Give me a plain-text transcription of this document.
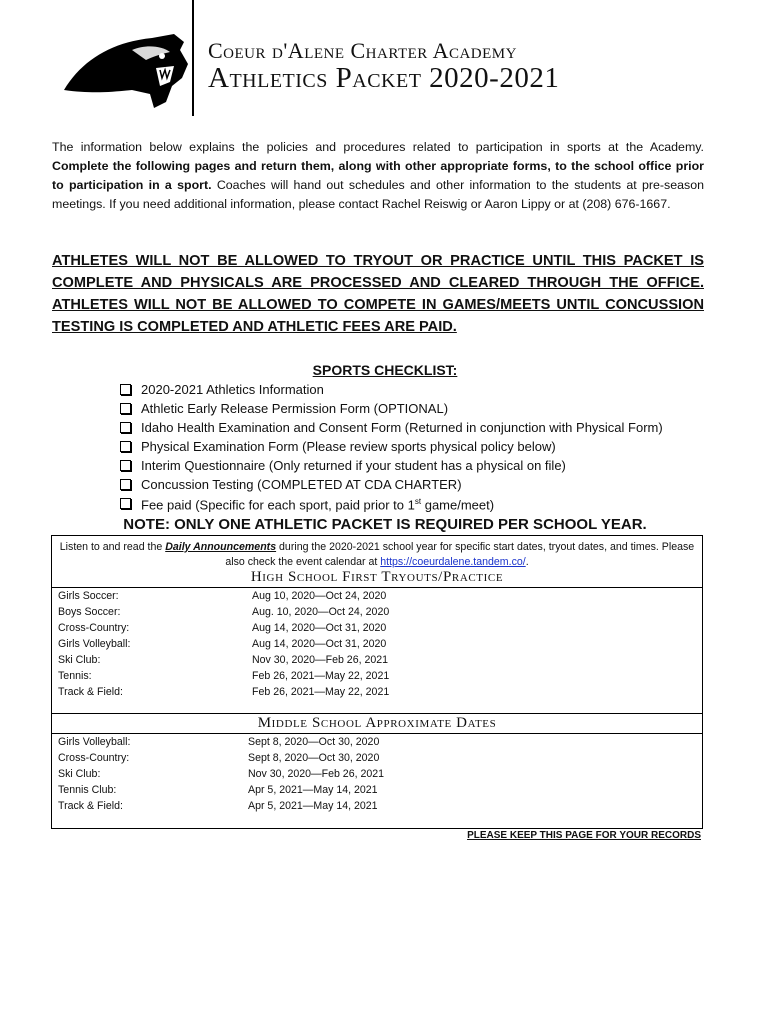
Coeur d'Alene Charter Academy
Athletics Packet 2020-2021
The information below explains the policies and procedures related to participation in sports at the Academy. Complete the following pages and return them, along with other appropriate forms, to the school office prior to participation in a sport. Coaches will hand out schedules and other information to the students at pre-season meetings. If you need additional information, please contact Rachel Reiswig or Aaron Lippy or at (208) 676-1667.
ATHLETES WILL NOT BE ALLOWED TO TRYOUT OR PRACTICE UNTIL THIS PACKET IS COMPLETE AND PHYSICALS ARE PROCESSED AND CLEARED THROUGH THE OFFICE. ATHLETES WILL NOT BE ALLOWED TO COMPETE IN GAMES/MEETS UNTIL CONCUSSION TESTING IS COMPLETED AND ATHLETIC FEES ARE PAID.
SPORTS CHECKLIST:
2020-2021 Athletics Information
Athletic Early Release Permission Form (OPTIONAL)
Idaho Health Examination and Consent Form (Returned in conjunction with Physical Form)
Physical Examination Form (Please review sports physical policy below)
Interim Questionnaire (Only returned if your student has a physical on file)
Concussion Testing (COMPLETED AT CDA CHARTER)
Fee paid (Specific for each sport, paid prior to 1st game/meet)
NOTE: ONLY ONE ATHLETIC PACKET IS REQUIRED PER SCHOOL YEAR.
Listen to and read the Daily Announcements during the 2020-2021 school year for specific start dates, tryout dates, and times. Please also check the event calendar at https://coeurdalene.tandem.co/.
High School First Tryouts/Practice
Girls Soccer:	Aug 10, 2020—Oct 24, 2020
Boys Soccer:	Aug. 10, 2020—Oct 24, 2020
Cross-Country:	Aug 14, 2020—Oct 31, 2020
Girls Volleyball:	Aug 14, 2020—Oct 31, 2020
Ski Club:	Nov 30, 2020—Feb 26, 2021
Tennis:	Feb 26, 2021—May 22, 2021
Track & Field:	Feb 26, 2021—May 22, 2021
Middle School Approximate Dates
Girls Volleyball:	Sept 8, 2020—Oct 30, 2020
Cross-Country:	Sept 8, 2020—Oct 30, 2020
Ski Club:	Nov 30, 2020—Feb 26, 2021
Tennis Club:	Apr 5, 2021—May 14, 2021
Track & Field:	Apr 5, 2021—May 14, 2021
PLEASE KEEP THIS PAGE FOR YOUR RECORDS
